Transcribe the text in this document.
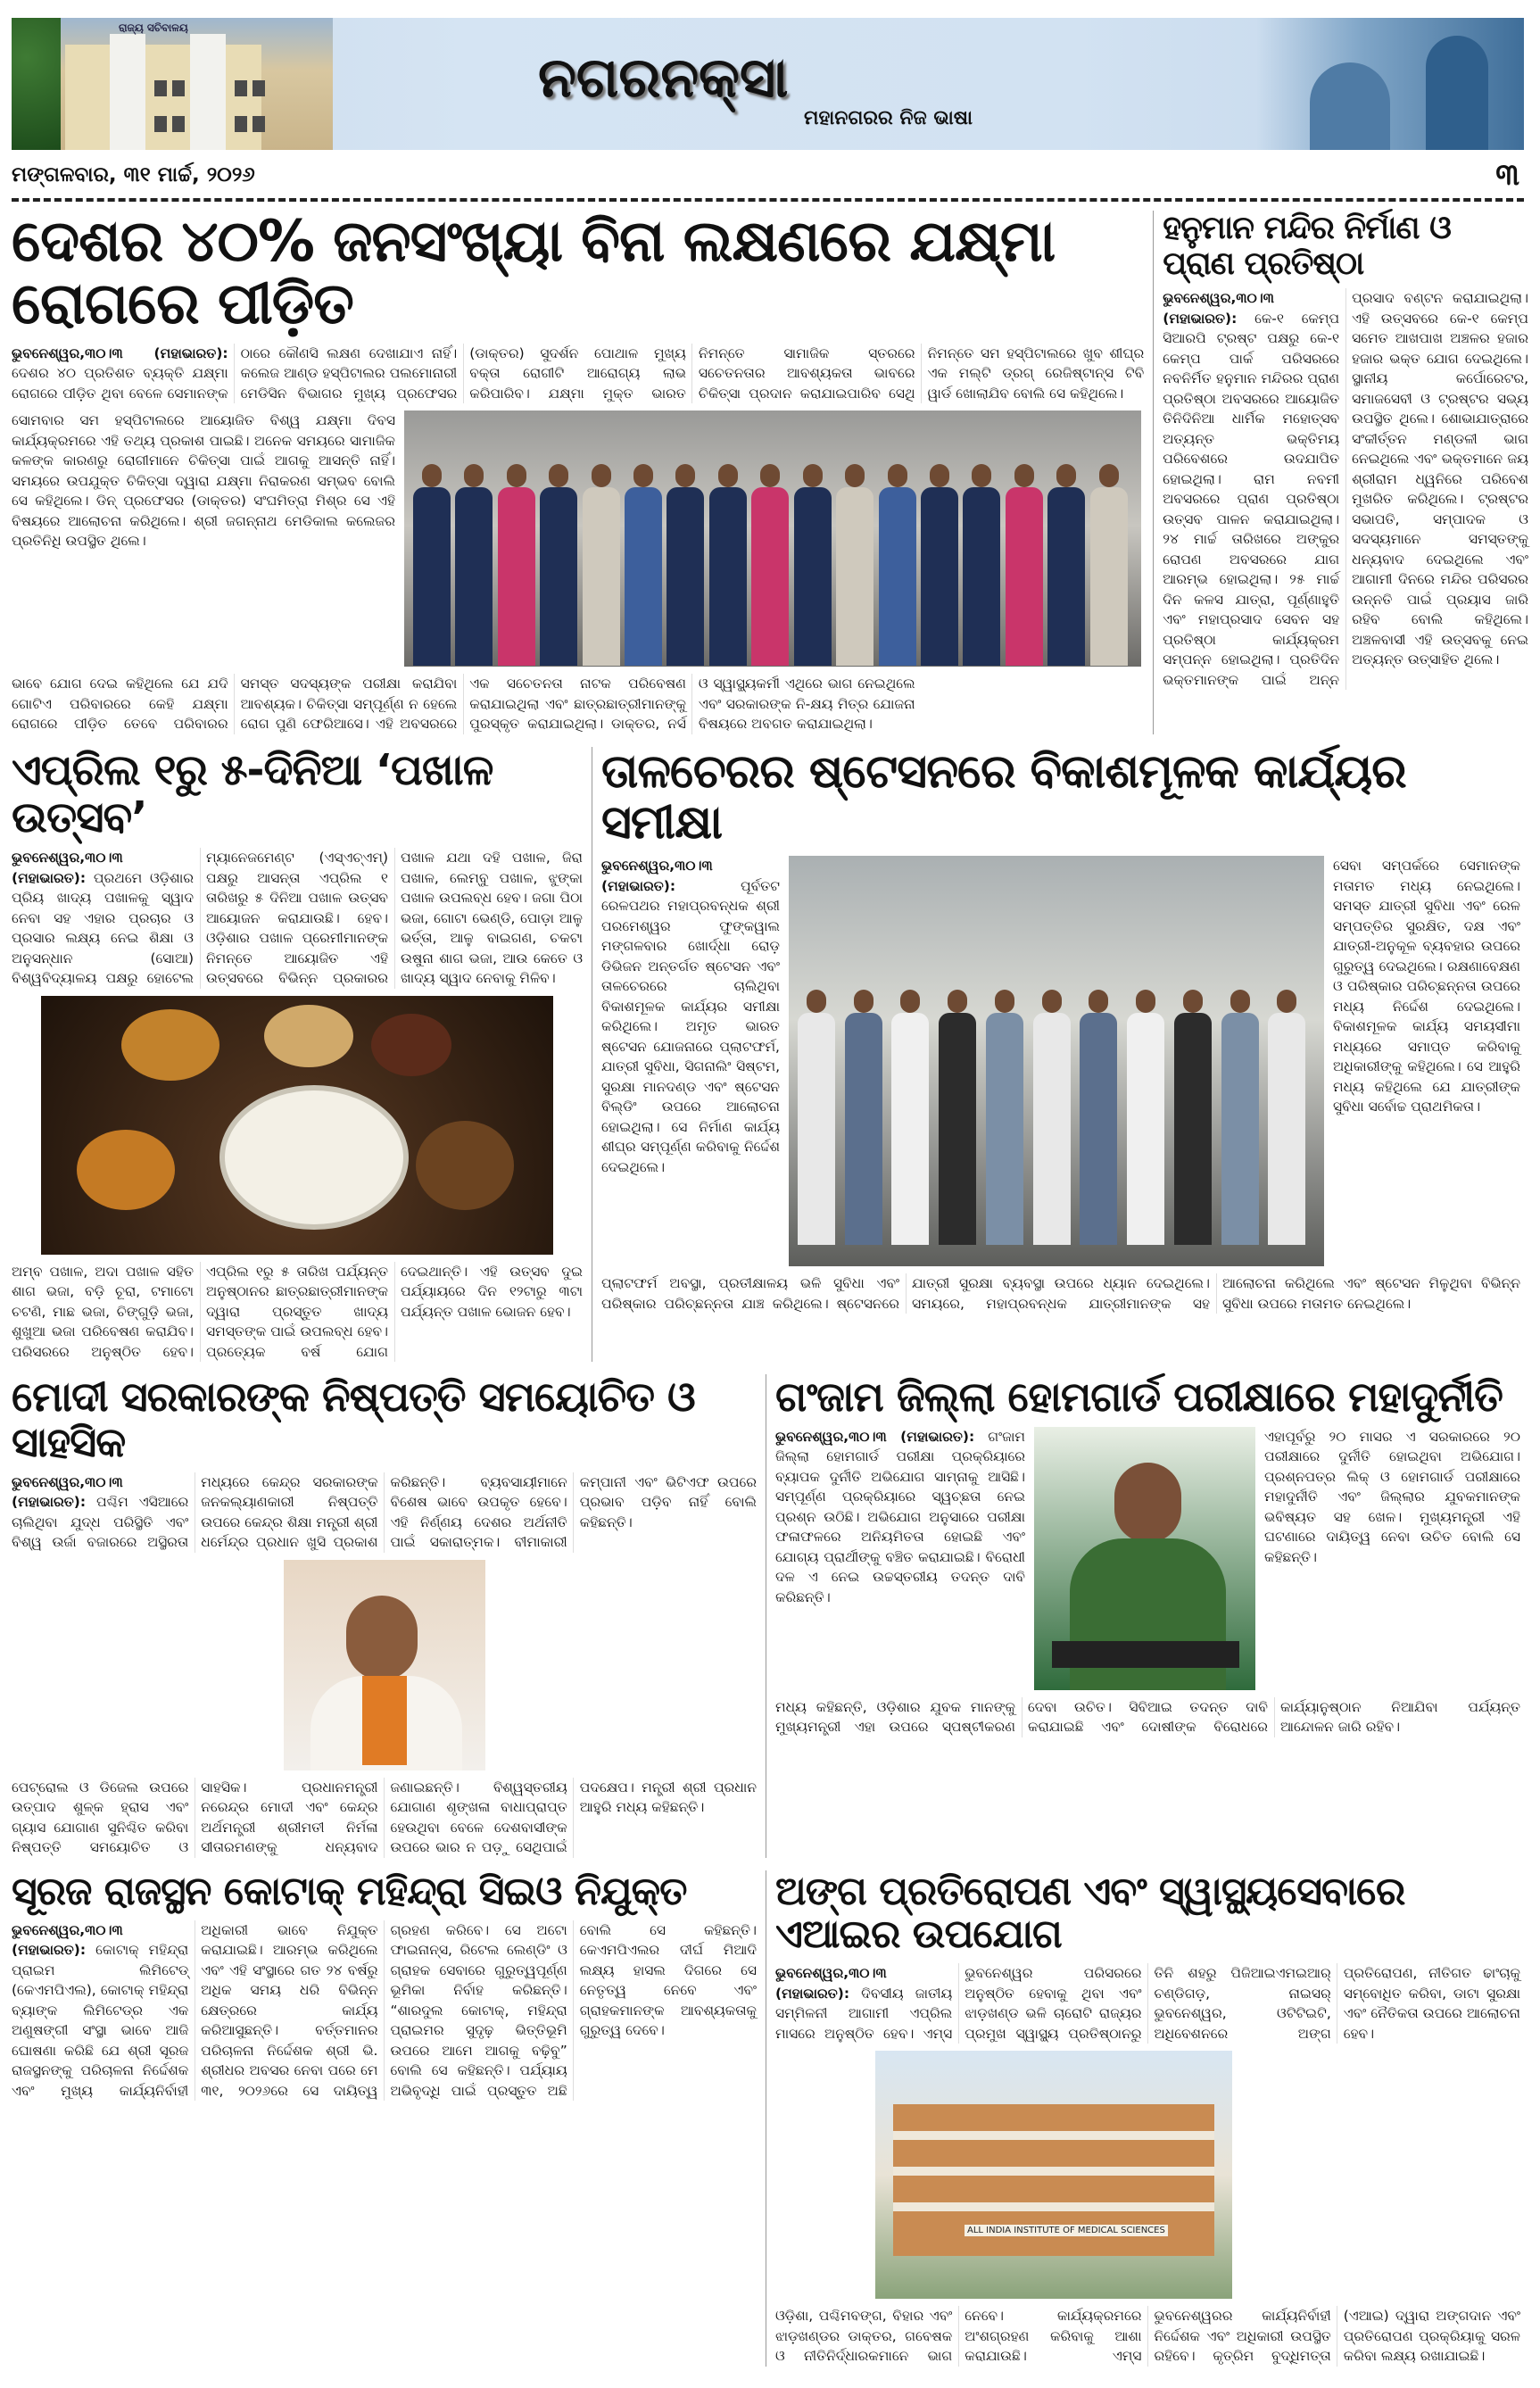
ରାଜ୍ୟ ସଚିବାଳୟ
ନଗରନକ୍ସା
ମହାନଗରର ନିଜ ଭାଷା
ମଙ୍ଗଳବାର, ୩୧ ମାର୍ଚ୍ଚ, ୨୦୨୬	୩
ଦେଶର ୪୦% ଜନସଂଖ୍ୟା ବିନା ଲକ୍ଷଣରେ ଯକ୍ଷ୍ମା ରୋଗରେ ପୀଡ଼ିତ
ଭୁବନେଶ୍ୱର,୩୦।୩ (ମହାଭାରତ): ଦେଶର ୪୦ ପ୍ରତିଶତ ବ୍ୟକ୍ତି ଯକ୍ଷ୍ମା ରୋଗରେ ପୀଡ଼ିତ ଥିବା ବେଳେ ସେମାନଙ୍କ ଠାରେ କୌଣସି ଲକ୍ଷଣ ଦେଖାଯାଏ ନାହିଁ। କଲେଜ ଆଣ୍ଡ ହସ୍ପିଟାଲର ପଲମୋନାରୀ ମେଡିସିନ ବିଭାଗର ମୁଖ୍ୟ ପ୍ରଫେସର (ଡାକ୍ତର) ସୁଦର୍ଶନ ପୋଥାଳ ମୁଖ୍ୟ ବକ୍ତା ରୋଗୀଟି ଆରୋଗ୍ୟ ଲାଭ କରିପାରିବ। ଯକ୍ଷ୍ମା ମୁକ୍ତ ଭାରତ ନିମନ୍ତେ ସାମାଜିକ ସ୍ତରରେ ସଚେତନତାର ଆବଶ୍ୟକତା ଭାବରେ ଚିକିତ୍ସା ପ୍ରଦାନ କରାଯାଇପାରିବ ସେଥି ନିମନ୍ତେ ସମ ହସ୍ପିଟାଲରେ ଖୁବ ଶୀଘ୍ର ଏକ ମଲ୍ଟି ଡ୍ରଗ୍ ରେଜିଷ୍ଟାନ୍ସ ଟିବି ୱାର୍ଡ ଖୋଲାଯିବ ବୋଲି ସେ କହିଥିଲେ।
ସୋମବାର ସମ ହସ୍ପିଟାଲରେ ଆୟୋଜିତ ବିଶ୍ୱ ଯକ୍ଷ୍ମା ଦିବସ କାର୍ଯ୍ୟକ୍ରମରେ ଏହି ତଥ୍ୟ ପ୍ରକାଶ ପାଇଛି। ଅନେକ ସମୟରେ ସାମାଜିକ କଳଙ୍କ କାରଣରୁ ରୋଗୀମାନେ ଚିକିତ୍ସା ପାଇଁ ଆଗକୁ ଆସନ୍ତି ନାହିଁ। ସମୟରେ ଉପଯୁକ୍ତ ଚିକିତ୍ସା ଦ୍ୱାରା ଯକ୍ଷ୍ମା ନିରାକରଣ ସମ୍ଭବ ବୋଲି ସେ କହିଥିଲେ। ଡିନ୍ ପ୍ରଫେସର (ଡାକ୍ତର) ସଂଘମିତ୍ରା ମିଶ୍ର ସେ ଏହି ବିଷୟରେ ଆଲୋଚନା କରିଥିଲେ। ଶ୍ରୀ ଜଗନ୍ନାଥ ମେଡିକାଲ କଲେଜର ପ୍ରତିନିଧି ଉପସ୍ଥିତ ଥିଲେ।
ଭାବେ ଯୋଗ ଦେଇ କହିଥିଲେ ଯେ ଯଦି ଗୋଟିଏ ପରିବାରରେ କେହି ଯକ୍ଷ୍ମା ରୋଗରେ ପୀଡ଼ିତ ତେବେ ପରିବାରର ସମସ୍ତ ସଦସ୍ୟଙ୍କ ପରୀକ୍ଷା କରାଯିବା ଆବଶ୍ୟକ। ଚିକିତ୍ସା ସମ୍ପୂର୍ଣ୍ଣ ନ ହେଲେ ରୋଗ ପୁଣି ଫେରିଆସେ। ଏହି ଅବସରରେ ଏକ ସଚେତନତା ନାଟକ ପରିବେଷଣ କରାଯାଇଥିଲା ଏବଂ ଛାତ୍ରଛାତ୍ରୀମାନଙ୍କୁ ପୁରସ୍କୃତ କରାଯାଇଥିଲା। ଡାକ୍ତର, ନର୍ସ ଓ ସ୍ୱାସ୍ଥ୍ୟକର୍ମୀ ଏଥିରେ ଭାଗ ନେଇଥିଲେ ଏବଂ ସରକାରଙ୍କ ନି-କ୍ଷୟ ମିତ୍ର ଯୋଜନା ବିଷୟରେ ଅବଗତ କରାଯାଇଥିଲା।
ହନୁମାନ ମନ୍ଦିର ନିର୍ମାଣ ଓ ପ୍ରାଣ ପ୍ରତିଷ୍ଠା
ଭୁବନେଶ୍ୱର,୩୦।୩ (ମହାଭାରତ): କେ-୧ କେମ୍ପ ସିଆରପି ଟ୍ରଷ୍ଟ ପକ୍ଷରୁ କେ-୧ କେମ୍ପ ପାର୍କ ପରିସରରେ ନବନିର୍ମିତ ହନୁମାନ ମନ୍ଦିରର ପ୍ରାଣ ପ୍ରତିଷ୍ଠା ଅବସରରେ ଆୟୋଜିତ ତିନିଦିନିଆ ଧାର୍ମିକ ମହୋତ୍ସବ ଅତ୍ୟନ୍ତ ଭକ୍ତିମୟ ପରିବେଶରେ ଉଦଯାପିତ ହୋଇଥିଲା। ରାମ ନବମୀ ଅବସରରେ ପ୍ରାଣ ପ୍ରତିଷ୍ଠା ଉତ୍ସବ ପାଳନ କରାଯାଇଥିଲା। ୨୪ ମାର୍ଚ୍ଚ ତାରିଖରେ ଅଙ୍କୁର ରୋପଣ ଅବସରରେ ଯାଗ ଆରମ୍ଭ ହୋଇଥିଲା। ୨୫ ମାର୍ଚ୍ଚ ଦିନ କଳସ ଯାତ୍ରା, ପୂର୍ଣ୍ଣାହୁତି ଏବଂ ମହାପ୍ରସାଦ ସେବନ ସହ ପ୍ରତିଷ୍ଠା କାର୍ଯ୍ୟକ୍ରମ ସମ୍ପନ୍ନ ହୋଇଥିଲା। ପ୍ରତିଦିନ ଭକ୍ତମାନଙ୍କ ପାଇଁ ଅନ୍ନ ପ୍ରସାଦ ବଣ୍ଟନ କରାଯାଇଥିଲା। ଏହି ଉତ୍ସବରେ କେ-୧ କେମ୍ପ ସମେତ ଆଖପାଖ ଅଞ୍ଚଳର ହଜାର ହଜାର ଭକ୍ତ ଯୋଗ ଦେଇଥିଲେ। ସ୍ଥାନୀୟ କର୍ପୋରେଟର, ସମାଜସେବୀ ଓ ଟ୍ରଷ୍ଟର ସଭ୍ୟ ଉପସ୍ଥିତ ଥିଲେ। ଶୋଭାଯାତ୍ରାରେ ସଂକୀର୍ତ୍ତନ ମଣ୍ଡଳୀ ଭାଗ ନେଇଥିଲେ ଏବଂ ଭକ୍ତମାନେ ଜୟ ଶ୍ରୀରାମ ଧ୍ୱନିରେ ପରିବେଶ ମୁଖରିତ କରିଥିଲେ। ଟ୍ରଷ୍ଟର ସଭାପତି, ସମ୍ପାଦକ ଓ ସଦସ୍ୟମାନେ ସମସ୍ତଙ୍କୁ ଧନ୍ୟବାଦ ଦେଇଥିଲେ ଏବଂ ଆଗାମୀ ଦିନରେ ମନ୍ଦିର ପରିସରର ଉନ୍ନତି ପାଇଁ ପ୍ରୟାସ ଜାରି ରହିବ ବୋଲି କହିଥିଲେ। ଅଞ୍ଚଳବାସୀ ଏହି ଉତ୍ସବକୁ ନେଇ ଅତ୍ୟନ୍ତ ଉତ୍ସାହିତ ଥିଲେ।
ଏପ୍ରିଲ ୧ରୁ ୫-ଦିନିଆ ‘ପଖାଳ ଉତ୍ସବ’
ଭୁବନେଶ୍ୱର,୩୦।୩ (ମହାଭାରତ): ପ୍ରଥମେ ଓଡ଼ିଶାର ପ୍ରିୟ ଖାଦ୍ୟ ପଖାଳକୁ ସ୍ୱାଦ ନେବା ସହ ଏହାର ପ୍ରଚାର ଓ ପ୍ରସାର ଲକ୍ଷ୍ୟ ନେଇ ଶିକ୍ଷା ଓ ଅନୁସନ୍ଧାନ (ସୋଆ) ବିଶ୍ୱବିଦ୍ୟାଳୟ ପକ୍ଷରୁ ହୋଟେଲ ମ୍ୟାନେଜମେଣ୍ଟ (ଏସ୍‌ଏଚ୍‌ଏମ୍) ପକ୍ଷରୁ ଆସନ୍ତା ଏପ୍ରିଲ ୧ ତାରିଖରୁ ୫ ଦିନିଆ ପଖାଳ ଉତ୍ସବ ଆୟୋଜନ କରାଯାଉଛି। ହେବ। ଓଡ଼ିଶାର ପଖାଳ ପ୍ରେମୀମାନଙ୍କ ନିମନ୍ତେ ଆୟୋଜିତ ଏହି ଉତ୍ସବରେ ବିଭିନ୍ନ ପ୍ରକାରର ପଖାଳ ଯଥା ଦହି ପଖାଳ, ଜିରା ପଖାଳ, ଲେମ୍ବୁ ପଖାଳ, ଝୁଙ୍କା ପଖାଳ ଉପଲବ୍ଧ ହେବ। ଜଗା ପିଠା ଭଜା, ଗୋଟା ଭେଣ୍ଡି, ପୋଡ଼ା ଆଳୁ ଭର୍ତ୍ତା, ଆଳୁ ବାଇଗଣ, ଚକଟା ଉଷୁନା ଶାଗ ଭଜା, ଆଉ କେତେ ଓ ଖାଦ୍ୟ ସ୍ୱାଦ ନେବାକୁ ମିଳିବ।
ଅମ୍ବ ପଖାଳ, ଅଦା ପଖାଳ ସହିତ ଶାଗ ଭଜା, ବଡ଼ି ଚୂରା, ଟମାଟୋ ଚଟଣି, ମାଛ ଭଜା, ଚିଙ୍ଗୁଡ଼ି ଭଜା, ଶୁଖୁଆ ଭଜା ପରିବେଷଣ କରାଯିବ। ପରିସରରେ ଅନୁଷ୍ଠିତ ହେବ। ଏପ୍ରିଲ ୧ରୁ ୫ ତାରିଖ ପର୍ଯ୍ୟନ୍ତ ଅନୁଷ୍ଠାନର ଛାତ୍ରଛାତ୍ରୀମାନଙ୍କ ଦ୍ୱାରା ପ୍ରସ୍ତୁତ ଖାଦ୍ୟ ସମସ୍ତଙ୍କ ପାଇଁ ଉପଲବ୍ଧ ହେବ। ପ୍ରତ୍ୟେକ ବର୍ଷ ଯୋଗ ଦେଇଥାନ୍ତି। ଏହି ଉତ୍ସବ ଦୁଇ ପର୍ଯ୍ୟାୟରେ ଦିନ ୧୨ଟାରୁ ୩ଟା ପର୍ଯ୍ୟନ୍ତ ପଖାଳ ଭୋଜନ ହେବ।
ତାଳଚେରର ଷ୍ଟେସନରେ ବିକାଶମୂଳକ କାର୍ଯ୍ୟର ସମୀକ୍ଷା
ଭୁବନେଶ୍ୱର,୩୦।୩ (ମହାଭାରତ):	ପୂର୍ବତଟ ରେଳପଥର ମହାପ୍ରବନ୍ଧକ ଶ୍ରୀ ପରମେଶ୍ୱର ଫୁଙ୍କୱାଲ ମଙ୍ଗଳବାର ଖୋର୍ଦ୍ଧା ରୋଡ଼ ଡିଭିଜନ ଅନ୍ତର୍ଗତ ଷ୍ଟେସନ ଏବଂ ତାଳଚେରରେ ଚାଲିଥିବା ବିକାଶମୂଳକ କାର୍ଯ୍ୟର ସମୀକ୍ଷା କରିଥିଲେ। ଅମୃତ ଭାରତ ଷ୍ଟେସନ ଯୋଜନାରେ ପ୍ଲାଟଫର୍ମ, ଯାତ୍ରୀ ସୁବିଧା, ସିଗନାଲିଂ ସିଷ୍ଟମ, ସୁରକ୍ଷା ମାନଦଣ୍ଡ ଏବଂ ଷ୍ଟେସନ ବିଲ୍ଡିଂ ଉପରେ ଆଲୋଚନା ହୋଇଥିଲା। ସେ ନିର୍ମାଣ କାର୍ଯ୍ୟ ଶୀଘ୍ର ସମ୍ପୂର୍ଣ୍ଣ କରିବାକୁ ନିର୍ଦ୍ଦେଶ ଦେଇଥିଲେ।
ସେବା ସମ୍ପର୍କରେ ସେମାନଙ୍କ ମତାମତ ମଧ୍ୟ ନେଇଥିଲେ। ସମସ୍ତ ଯାତ୍ରୀ ସୁବିଧା ଏବଂ ରେଳ ସମ୍ପତ୍ତିର ସୁରକ୍ଷିତ, ଦକ୍ଷ ଏବଂ ଯାତ୍ରୀ-ଅନୁକୂଳ ବ୍ୟବହାର ଉପରେ ଗୁରୁତ୍ୱ ଦେଇଥିଲେ। ରକ୍ଷଣାବେକ୍ଷଣ ଓ ପରିଷ୍କାର ପରିଚ୍ଛନ୍ନତା ଉପରେ ମଧ୍ୟ ନିର୍ଦ୍ଦେଶ ଦେଇଥିଲେ। ବିକାଶମୂଳକ କାର୍ଯ୍ୟ ସମୟସୀମା ମଧ୍ୟରେ ସମାପ୍ତ କରିବାକୁ ଅଧିକାରୀଙ୍କୁ କହିଥିଲେ। ସେ ଆହୁରି ମଧ୍ୟ କହିଥିଲେ ଯେ ଯାତ୍ରୀଙ୍କ ସୁବିଧା ସର୍ବୋଚ୍ଚ ପ୍ରାଥମିକତା।
ପ୍ଲାଟଫର୍ମ ଅବସ୍ଥା, ପ୍ରତୀକ୍ଷାଳୟ ଭଳି ସୁବିଧା ଏବଂ ପରିଷ୍କାର ପରିଚ୍ଛନ୍ନତା ଯାଞ୍ଚ କରିଥିଲେ। ଷ୍ଟେସନରେ ଯାତ୍ରୀ ସୁରକ୍ଷା ବ୍ୟବସ୍ଥା ଉପରେ ଧ୍ୟାନ ଦେଇଥିଲେ। ସମୟରେ, ମହାପ୍ରବନ୍ଧକ ଯାତ୍ରୀମାନଙ୍କ ସହ ଆଲୋଚନା କରିଥିଲେ ଏବଂ ଷ୍ଟେସନ ମିଳୁଥିବା ବିଭିନ୍ନ ସୁବିଧା ଉପରେ ମତାମତ ନେଇଥିଲେ।
ମୋଦୀ ସରକାରଙ୍କ ନିଷ୍ପତ୍ତି ସମୟୋଚିତ ଓ ସାହସିକ
ଭୁବନେଶ୍ୱର,୩୦।୩ (ମହାଭାରତ): ପଶ୍ଚିମ ଏସିଆରେ ଚାଲିଥିବା ଯୁଦ୍ଧ ପରିସ୍ଥିତି ଏବଂ ବିଶ୍ୱ ଉର୍ଜା ବଜାରରେ ଅସ୍ଥିରତା ମଧ୍ୟରେ କେନ୍ଦ୍ର ସରକାରଙ୍କ ଜନକଲ୍ୟାଣକାରୀ ନିଷ୍ପତ୍ତି ଉପରେ କେନ୍ଦ୍ର ଶିକ୍ଷା ମନ୍ତ୍ରୀ ଶ୍ରୀ ଧର୍ମେନ୍ଦ୍ର ପ୍ରଧାନ ଖୁସି ପ୍ରକାଶ କରିଛନ୍ତି। ବ୍ୟବସାୟୀମାନେ ବିଶେଷ ଭାବେ ଉପକୃତ ହେବେ। ଏହି ନିର୍ଣ୍ଣୟ ଦେଶର ଅର୍ଥନୀତି ପାଇଁ ସକାରାତ୍ମକ। ବୀମାକାରୀ କମ୍ପାନୀ ଏବଂ ଭିଟିଏଫ ଉପରେ ପ୍ରଭାବ ପଡ଼ିବ ନାହିଁ ବୋଲି କହିଛନ୍ତି।
ପେଟ୍ରୋଲ ଓ ଡିଜେଲ ଉପରେ ଉତ୍ପାଦ ଶୁଳ୍କ ହ୍ରାସ ଏବଂ ଗ୍ୟାସ ଯୋଗାଣ ସୁନିଶ୍ଚିତ କରିବା ନିଷ୍ପତ୍ତି ସମୟୋଚିତ ଓ ସାହସିକ। ପ୍ରଧାନମନ୍ତ୍ରୀ ନରେନ୍ଦ୍ର ମୋଦୀ ଏବଂ କେନ୍ଦ୍ର ଅର୍ଥମନ୍ତ୍ରୀ ଶ୍ରୀମତୀ ନିର୍ମଳା ସୀତାରମଣଙ୍କୁ ଧନ୍ୟବାଦ ଜଣାଇଛନ୍ତି। ବିଶ୍ୱସ୍ତରୀୟ ଯୋଗାଣ ଶୃଙ୍ଖଳା ବାଧାପ୍ରାପ୍ତ ହେଉଥିବା ବେଳେ ଦେଶବାସୀଙ୍କ ଉପରେ ଭାର ନ ପଡ଼ୁ ସେଥିପାଇଁ ପଦକ୍ଷେପ। ମନ୍ତ୍ରୀ ଶ୍ରୀ ପ୍ରଧାନ ଆହୁରି ମଧ୍ୟ କହିଛନ୍ତି।
ଗଂଜାମ ଜିଲ୍ଲା ହୋମଗାର୍ଡ ପରୀକ୍ଷାରେ ମହାଦୁର୍ନୀତି
ଭୁବନେଶ୍ୱର,୩୦।୩ (ମହାଭାରତ): ଗଂଜାମ ଜିଲ୍ଲା ହୋମଗାର୍ଡ ପରୀକ୍ଷା ପ୍ରକ୍ରିୟାରେ ବ୍ୟାପକ ଦୁର୍ନୀତି ଅଭିଯୋଗ ସାମ୍ନାକୁ ଆସିଛି। ସମ୍ପୂର୍ଣ୍ଣ ପ୍ରକ୍ରିୟାରେ ସ୍ୱଚ୍ଛତା ନେଇ ପ୍ରଶ୍ନ ଉଠିଛି। ଅଭିଯୋଗ ଅନୁସାରେ ପରୀକ୍ଷା ଫଳାଫଳରେ ଅନିୟମିତତା ହୋଇଛି ଏବଂ ଯୋଗ୍ୟ ପ୍ରାର୍ଥୀଙ୍କୁ ବଞ୍ଚିତ କରାଯାଇଛି। ବିରୋଧୀ ଦଳ ଏ ନେଇ ଉଚ୍ଚସ୍ତରୀୟ ତଦନ୍ତ ଦାବି କରିଛନ୍ତି।
ଏହାପୂର୍ବରୁ ୨୦ ମାସର ଏ ସରକାରରେ ୨୦ ପରୀକ୍ଷାରେ ଦୁର୍ନୀତି ହୋଇଥିବା ଅଭିଯୋଗ। ପ୍ରଶ୍ନପତ୍ର ଲିକ୍ ଓ ହୋମଗାର୍ଡ ପରୀକ୍ଷାରେ ମହାଦୁର୍ନୀତି ଏବଂ ଜିଲ୍ଲାର ଯୁବକମାନଙ୍କ ଭବିଷ୍ୟତ ସହ ଖେଳ। ମୁଖ୍ୟମନ୍ତ୍ରୀ ଏହି ଘଟଣାରେ ଦାୟିତ୍ୱ ନେବା ଉଚିତ ବୋଲି ସେ କହିଛନ୍ତି।
ମଧ୍ୟ କହିଛନ୍ତି, ଓଡ଼ିଶାର ଯୁବକ ମାନଙ୍କୁ ମୁଖ୍ୟମନ୍ତ୍ରୀ ଏହା ଉପରେ ସ୍ପଷ୍ଟୀକରଣ ଦେବା ଉଚିତ। ସିବିଆଇ ତଦନ୍ତ ଦାବି କରାଯାଇଛି ଏବଂ ଦୋଷୀଙ୍କ ବିରୋଧରେ କାର୍ଯ୍ୟାନୁଷ୍ଠାନ ନିଆଯିବା ପର୍ଯ୍ୟନ୍ତ ଆନ୍ଦୋଳନ ଜାରି ରହିବ।
ସୂରଜ ରାଜସ୍ଥନ କୋଟାକ୍ ମହିନ୍ଦ୍ରା ସିଇଓ ନିଯୁକ୍ତ
ଭୁବନେଶ୍ୱର,୩୦।୩ (ମହାଭାରତ): କୋଟାକ୍ ମହିନ୍ଦ୍ରା ପ୍ରାଇମ ଲିମିଟେଡ୍ (କେଏମପିଏଲ), କୋଟାକ୍ ମହିନ୍ଦ୍ରା ବ୍ୟାଙ୍କ ଲିମିଟେଡ୍‌ର ଏକ ଅଣୁଷଙ୍ଗୀ ସଂସ୍ଥା ଭାବେ ଆଜି ଘୋଷଣା କରିଛି ଯେ ଶ୍ରୀ ସୂରଜ ରାଜସ୍ଥନଙ୍କୁ ପରିଚାଳନା ନିର୍ଦ୍ଦେଶକ ଏବଂ ମୁଖ୍ୟ କାର୍ଯ୍ୟନିର୍ବାହୀ ଅଧିକାରୀ ଭାବେ ନିଯୁକ୍ତ କରାଯାଇଛି। ଆରମ୍ଭ କରିଥିଲେ ଏବଂ ଏହି ସଂସ୍ଥାରେ ଗତ ୨୪ ବର୍ଷରୁ ଅଧିକ ସମୟ ଧରି ବିଭିନ୍ନ କ୍ଷେତ୍ରରେ କାର୍ଯ୍ୟ କରିଆସୁଛନ୍ତି। ବର୍ତ୍ତମାନର ପରିଚାଳନା ନିର୍ଦ୍ଦେଶକ ଶ୍ରୀ ଭି. ଶ୍ରୀଧର ଅବସର ନେବା ପରେ ମେ ୩୧, ୨୦୨୬ରେ ସେ ଦାୟିତ୍ୱ ଗ୍ରହଣ କରିବେ। ସେ ଅଟୋ ଫାଇନାନ୍ସ, ରିଟେଲ ଲେଣ୍ଡିଂ ଓ ଗ୍ରାହକ ସେବାରେ ଗୁରୁତ୍ୱପୂର୍ଣ୍ଣ ଭୂମିକା ନିର୍ବାହ କରିଛନ୍ତି। “ଶାରଦୁଲ କୋଟାକ୍, ମହିନ୍ଦ୍ରା ପ୍ରାଇମର ସୁଦୃଢ଼ ଭିତ୍ତିଭୂମି ଉପରେ ଆମେ ଆଗକୁ ବଢ଼ିବୁ” ବୋଲି ସେ କହିଛନ୍ତି। ପର୍ଯ୍ୟାୟ ଅଭିବୃଦ୍ଧି ପାଇଁ ପ୍ରସ୍ତୁତ ଅଛି ବୋଲି ସେ କହିଛନ୍ତି। କେଏମପିଏଲର ଦୀର୍ଘ ମିଆଦି ଲକ୍ଷ୍ୟ ହାସଲ ଦିଗରେ ସେ ନେତୃତ୍ୱ ନେବେ ଏବଂ ଗ୍ରାହକମାନଙ୍କ ଆବଶ୍ୟକତାକୁ ଗୁରୁତ୍ୱ ଦେବେ।
ଅଙ୍ଗ ପ୍ରତିରୋପଣ ଏବଂ ସ୍ୱାସ୍ଥ୍ୟସେବାରେ ଏଆଇର ଉପଯୋଗ
ଭୁବନେଶ୍ୱର,୩୦।୩ (ମହାଭାରତ): ଦିବସୀୟ ଜାତୀୟ ସମ୍ମିଳନୀ ଆଗାମୀ ଏପ୍ରିଲ ମାସରେ ଅନୁଷ୍ଠିତ ହେବ। ଏମ୍ସ ଭୁବନେଶ୍ୱର ପରିସରରେ ଅନୁଷ୍ଠିତ ହେବାକୁ ଥିବା ଏବଂ ଝାଡ଼ଖଣ୍ଡ ଭଳି ଚାରୋଟି ରାଜ୍ୟର ପ୍ରମୁଖ ସ୍ୱାସ୍ଥ୍ୟ ପ୍ରତିଷ୍ଠାନରୁ ତିନି ଶହରୁ ପିଜିଆଇଏମଇଆର୍ ଚଣ୍ଡିଗଡ଼, ନାଇସର୍ ଭୁବନେଶ୍ୱର, ଓଟିଟିଇଟି, ଅଧିବେଶନରେ ଅଙ୍ଗ ପ୍ରତିରୋପଣ, ନୀତିଗତ ଢାଂଚାକୁ ସମ୍ବୋଧିତ କରିବା, ଡାଟା ସୁରକ୍ଷା ଏବଂ ନୈତିକତା ଉପରେ ଆଲୋଚନା ହେବ।
ALL INDIA INSTITUTE OF MEDICAL SCIENCES
ଓଡ଼ିଶା, ପଶ୍ଚିମବଙ୍ଗ, ବିହାର ଏବଂ ଝାଡ଼ଖଣ୍ଡର ଡାକ୍ତର, ଗବେଷକ ଓ ନୀତିନିର୍ଦ୍ଧାରକମାନେ ଭାଗ ନେବେ। କାର୍ଯ୍ୟକ୍ରମରେ ଅଂଶଗ୍ରହଣ କରିବାକୁ ଆଶା କରାଯାଉଛି। ଏମ୍ସ ଭୁବନେଶ୍ୱରର କାର୍ଯ୍ୟନିର୍ବାହୀ ନିର୍ଦ୍ଦେଶକ ଏବଂ ଅଧିକାରୀ ଉପସ୍ଥିତ ରହିବେ। କୃତ୍ରିମ ବୁଦ୍ଧିମତ୍ତା (ଏଆଇ) ଦ୍ୱାରା ଅଙ୍ଗଦାନ ଏବଂ ପ୍ରତିରୋପଣ ପ୍ରକ୍ରିୟାକୁ ସରଳ କରିବା ଲକ୍ଷ୍ୟ ରଖାଯାଇଛି।
